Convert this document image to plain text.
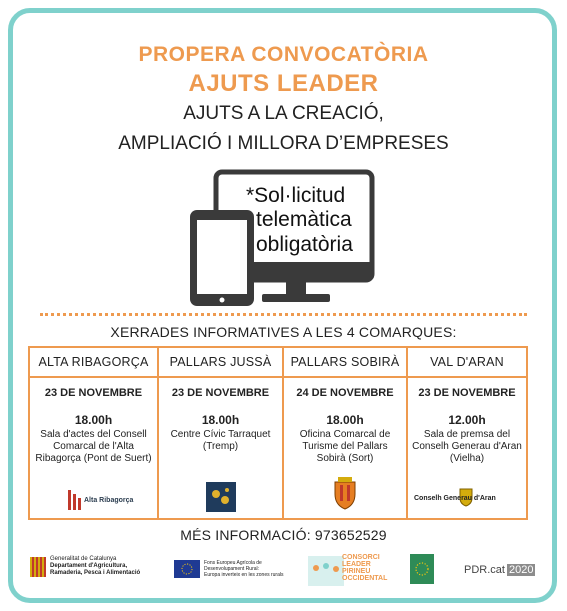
PROPERA CONVOCATÒRIA
AJUTS LEADER
AJUTS A LA CREACIÓ,
AMPLIACIÓ I MILLORA D’EMPRESES
*Sol·licitud
telemàtica
obligatòria
XERRADES INFORMATIVES A LES 4 COMARQUES:
ALTA RIBAGORÇA
23 DE NOVEMBRE
18.00h
Sala d'actes del Consell Comarcal de l'Alta Ribagorça (Pont de Suert)
Alta Ribagorça
PALLARS JUSSÀ
23 DE NOVEMBRE
18.00h
Centre Cívic Tarraquet (Tremp)
PALLARS SOBIRÀ
24 DE NOVEMBRE
18.00h
Oficina Comarcal de Turisme del Pallars Sobirà (Sort)
VAL D'ARAN
23 DE NOVEMBRE
12.00h
Sala de premsa del Conselh Generau d'Aran (Vielha)
Conselh Generau d'Aran
MÉS INFORMACIÓ: 973652529
Generalitat de Catalunya
Departament d'Agricultura,
Ramaderia, Pesca i Alimentació
Fons Europeu Agrícola de
Desenvolupament Rural:
Europa inverteix en les zones rurals
CONSORCI
LEADER
PIRINEU
OCCIDENTAL
PDR.cat 2020
